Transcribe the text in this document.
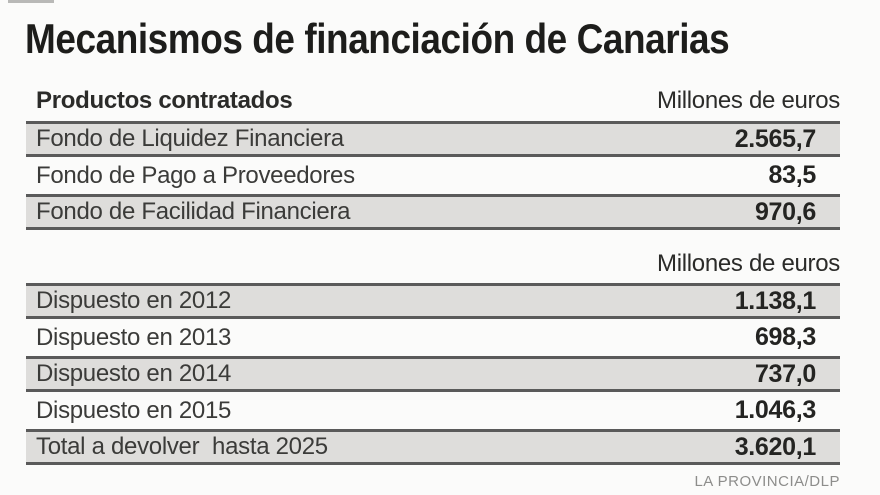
Mecanismos de financiación de Canarias
Productos contratados	Millones de euros
Fondo de Liquidez Financiera	2.565,7
Fondo de Pago a Proveedores	83,5
Fondo de Facilidad Financiera	970,6
Millones de euros
Dispuesto en 2012	1.138,1
Dispuesto en 2013	698,3
Dispuesto en 2014	737,0
Dispuesto en 2015	1.046,3
Total a devolver  hasta 2025	3.620,1
LA PROVINCIA/DLP
